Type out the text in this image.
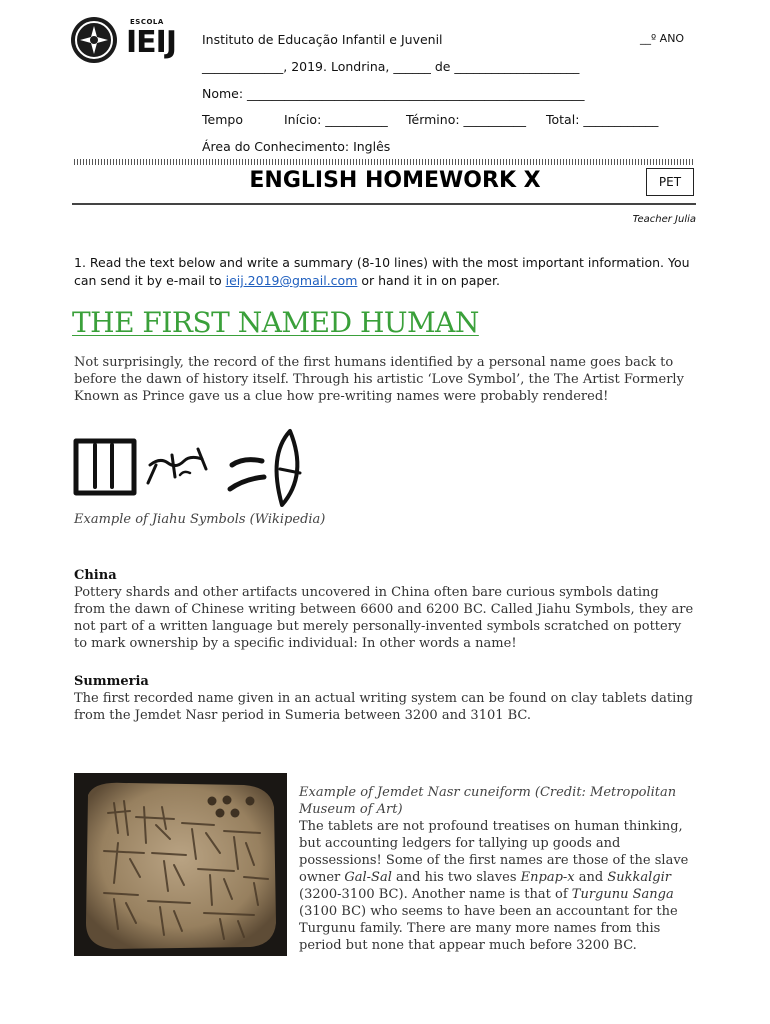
ESCOLA
IEIJ Instituto de Educação Infantil e Juvenil	__º ANO
_____________, 2019. Londrina, ______ de ____________________
Nome: ______________________________________________________
Tempo	Início: __________ Término: __________ Total: ____________
Área do Conhecimento: Inglês
ENGLISH HOMEWORK X	PET
Teacher Julia
1. Read the text below and write a summary (8-10 lines) with the most important information. You can send it by e-mail to ieij.2019@gmail.com or hand it in on paper.
THE FIRST NAMED HUMAN
Not surprisingly, the record of the first humans identified by a personal name goes back to before the dawn of history itself. Through his artistic ‘Love Symbol’, the The Artist Formerly Known as Prince gave us a clue how pre-writing names were probably rendered!
Example of Jiahu Symbols (Wikipedia)
China
Pottery shards and other artifacts uncovered in China often bare curious symbols dating from the dawn of Chinese writing between 6600 and 6200 BC. Called Jiahu Symbols, they are not part of a written language but merely personally-invented symbols scratched on pottery to mark ownership by a specific individual: In other words a name!
Summeria
The first recorded name given in an actual writing system can be found on clay tablets dating from the Jemdet Nasr period in Sumeria between 3200 and 3101 BC.
Example of Jemdet Nasr cuneiform (Credit: Metropolitan Museum of Art)
The tablets are not profound treatises on human thinking, but accounting ledgers for tallying up goods and possessions! Some of the first names are those of the slave owner Gal-Sal and his two slaves Enpap-x and Sukkalgir (3200-3100 BC). Another name is that of Turgunu Sanga (3100 BC) who seems to have been an accountant for the Turgunu family. There are many more names from this period but none that appear much before 3200 BC.
